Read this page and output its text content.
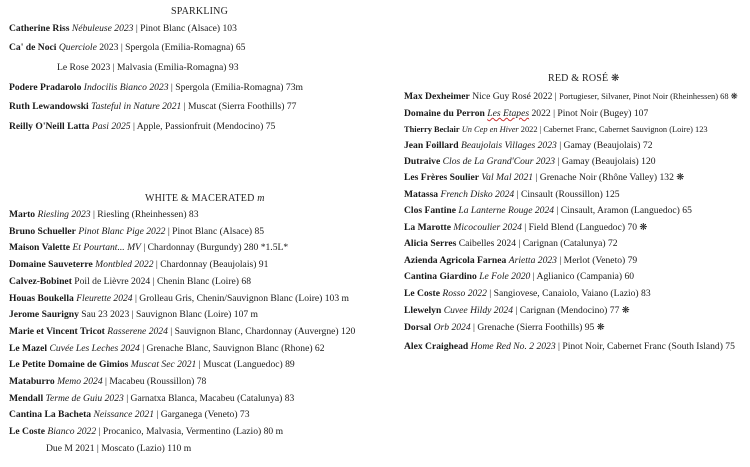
SPARKLING
Catherine Riss Nébuleuse 2023 | Pinot Blanc (Alsace) 103
Ca' de Noci Querciole 2023 | Spergola (Emilia-Romagna) 65
Le Rose 2023 | Malvasia (Emilia-Romagna) 93
Podere Pradarolo Indocilis Bianco 2023 | Spergola (Emilia-Romagna) 73m
Ruth Lewandowski Tasteful in Nature 2021 | Muscat (Sierra Foothills) 77
Reilly O'Neill Latta Pasi 2025 | Apple, Passionfruit (Mendocino) 75
WHITE & MACERATED m
Marto Riesling 2023 | Riesling (Rheinhessen) 83
Bruno Schueller Pinot Blanc Pige 2022 | Pinot Blanc (Alsace) 85
Maison Valette Et Pourtant... MV | Chardonnay (Burgundy) 280 *1.5L*
Domaine Sauveterre Montbled 2022 | Chardonnay (Beaujolais) 91
Calvez-Bobinet Poil de Lièvre 2024 | Chenin Blanc (Loire) 68
Houas Boukella Fleurette 2024 | Grolleau Gris, Chenin/Sauvignon Blanc (Loire) 103 m
Jerome Saurigny Sau 23 2023 | Sauvignon Blanc (Loire) 107 m
Marie et Vincent Tricot Rasserene 2024 | Sauvignon Blanc, Chardonnay (Auvergne) 120
Le Mazel Cuvée Les Leches 2024 | Grenache Blanc, Sauvignon Blanc (Rhone) 62
Le Petite Domaine de Gimios Muscat Sec 2021 | Muscat (Languedoc) 89
Mataburro Memo 2024 | Macabeu (Roussillon) 78
Mendall Terme de Guiu 2023 | Garnatxa Blanca, Macabeu (Catalunya) 83
Cantina La Bacheta Neissance 2021 | Garganega (Veneto) 73
Le Coste Bianco 2022 | Procanico, Malvasia, Vermentino (Lazio) 80 m
Due M 2021 | Moscato (Lazio) 110 m
RED & ROSÉ ❋
Max Dexheimer Nice Guy Rosé 2022 | Portugieser, Silvaner, Pinot Noir (Rheinhessen) 68 ❋
Domaine du Perron Les Etapes 2022 | Pinot Noir (Bugey) 107
Thierry Beclair Un Cep en Hiver 2022 | Cabernet Franc, Cabernet Sauvignon (Loire) 123
Jean Foillard Beaujolais Villages 2023 | Gamay (Beaujolais) 72
Dutraive Clos de La Grand'Cour 2023 | Gamay (Beaujolais) 120
Les Frères Soulier Val Mal 2021 | Grenache Noir (Rhône Valley) 132 ❋
Matassa French Disko 2024 | Cinsault (Roussillon) 125
Clos Fantine La Lanterne Rouge 2024 | Cinsault, Aramon (Languedoc) 65
La Marotte Micocoulier 2024 | Field Blend (Languedoc) 70 ❋
Alicia Serres Caibelles 2024 | Carignan (Catalunya) 72
Azienda Agricola Farnea Arietta 2023 | Merlot (Veneto) 79
Cantina Giardino Le Fole 2020 | Aglianico (Campania) 60
Le Coste Rosso 2022 | Sangiovese, Canaiolo, Vaiano (Lazio) 83
Llewelyn Cuvee Hildy 2024 | Carignan (Mendocino) 77 ❋
Dorsal Orb 2024 | Grenache (Sierra Foothills) 95 ❋
Alex Craighead Home Red No. 2 2023 | Pinot Noir, Cabernet Franc (South Island) 75
